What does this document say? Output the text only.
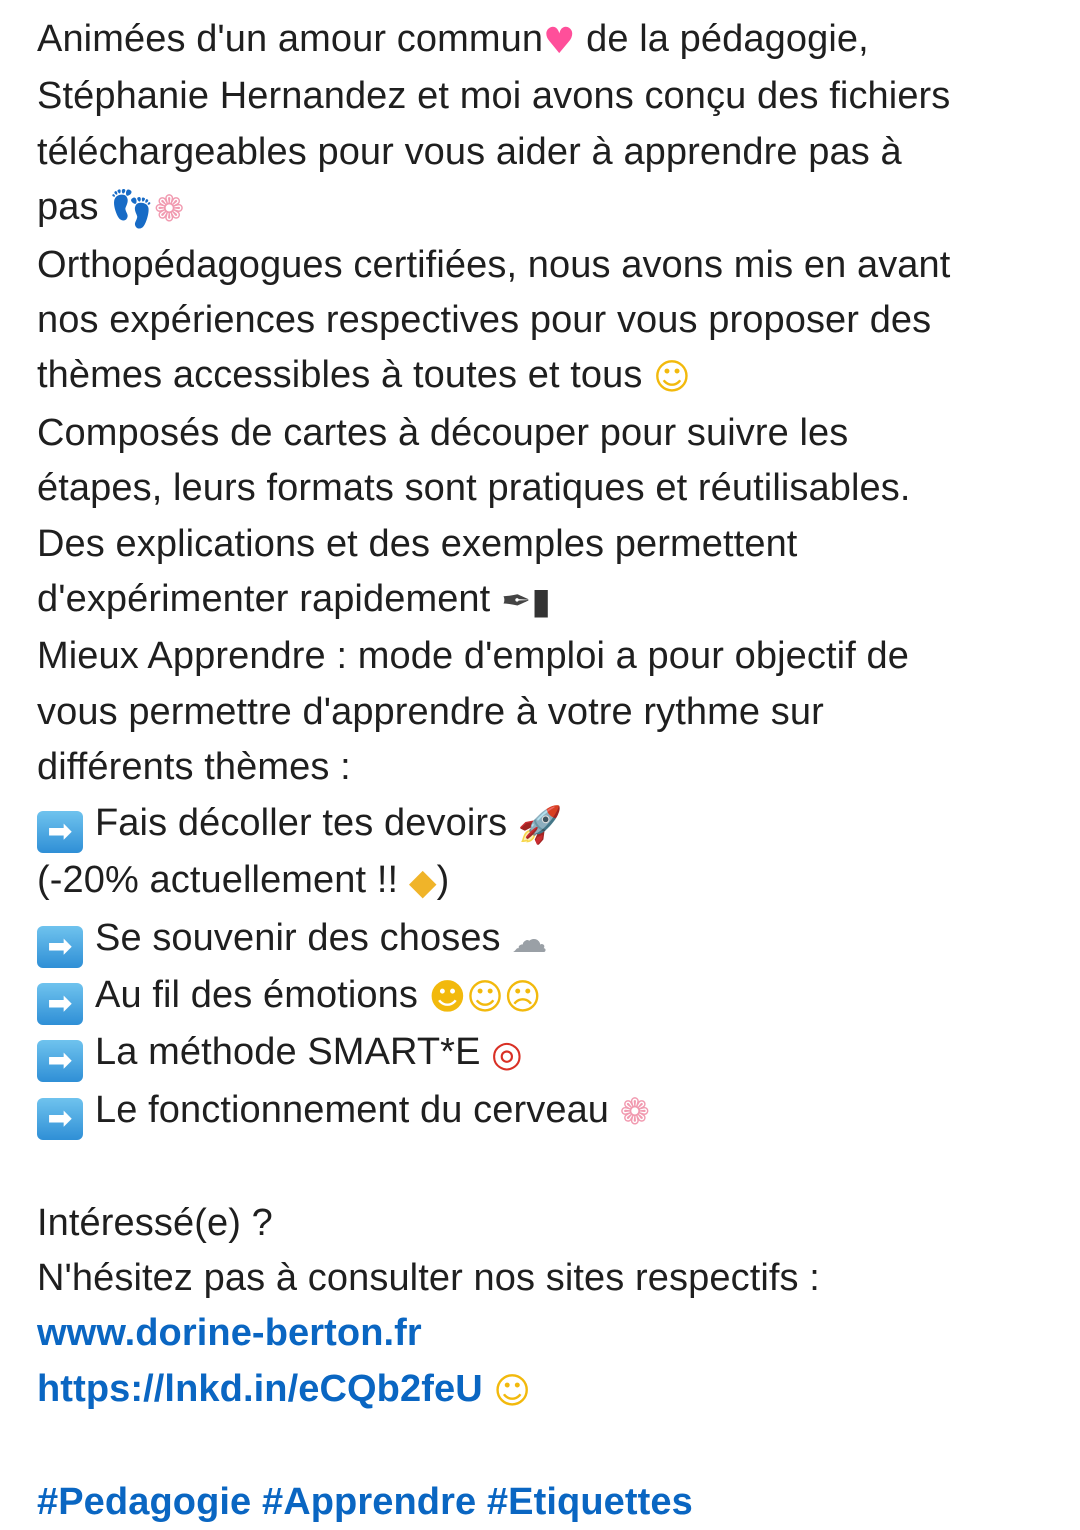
Animées d'un amour commun♥ de la pédagogie,
Stéphanie Hernandez et moi avons conçu des fichiers
téléchargeables pour vous aider à apprendre pas à
pas 👣❁
Orthopédagogues certifiées, nous avons mis en avant
nos expériences respectives pour vous proposer des
thèmes accessibles à toutes et tous ☺
Composés de cartes à découper pour suivre les
étapes, leurs formats sont pratiques et réutilisables.
Des explications et des exemples permettent
d'expérimenter rapidement ✒▮
Mieux Apprendre : mode d'emploi a pour objectif de
vous permettre d'apprendre à votre rythme sur
différents thèmes :
➡ Fais décoller tes devoirs 🚀
(-20% actuellement !! ◆)
➡ Se souvenir des choses ☁
➡ Au fil des émotions ☻☺☹
➡ La méthode SMART*E ◎
➡ Le fonctionnement du cerveau ❁
Intéressé(e) ?
N'hésitez pas à consulter nos sites respectifs :
www.dorine-berton.fr
https://lnkd.in/eCQb2feU ☺
#Pedagogie #Apprendre #Etiquettes
